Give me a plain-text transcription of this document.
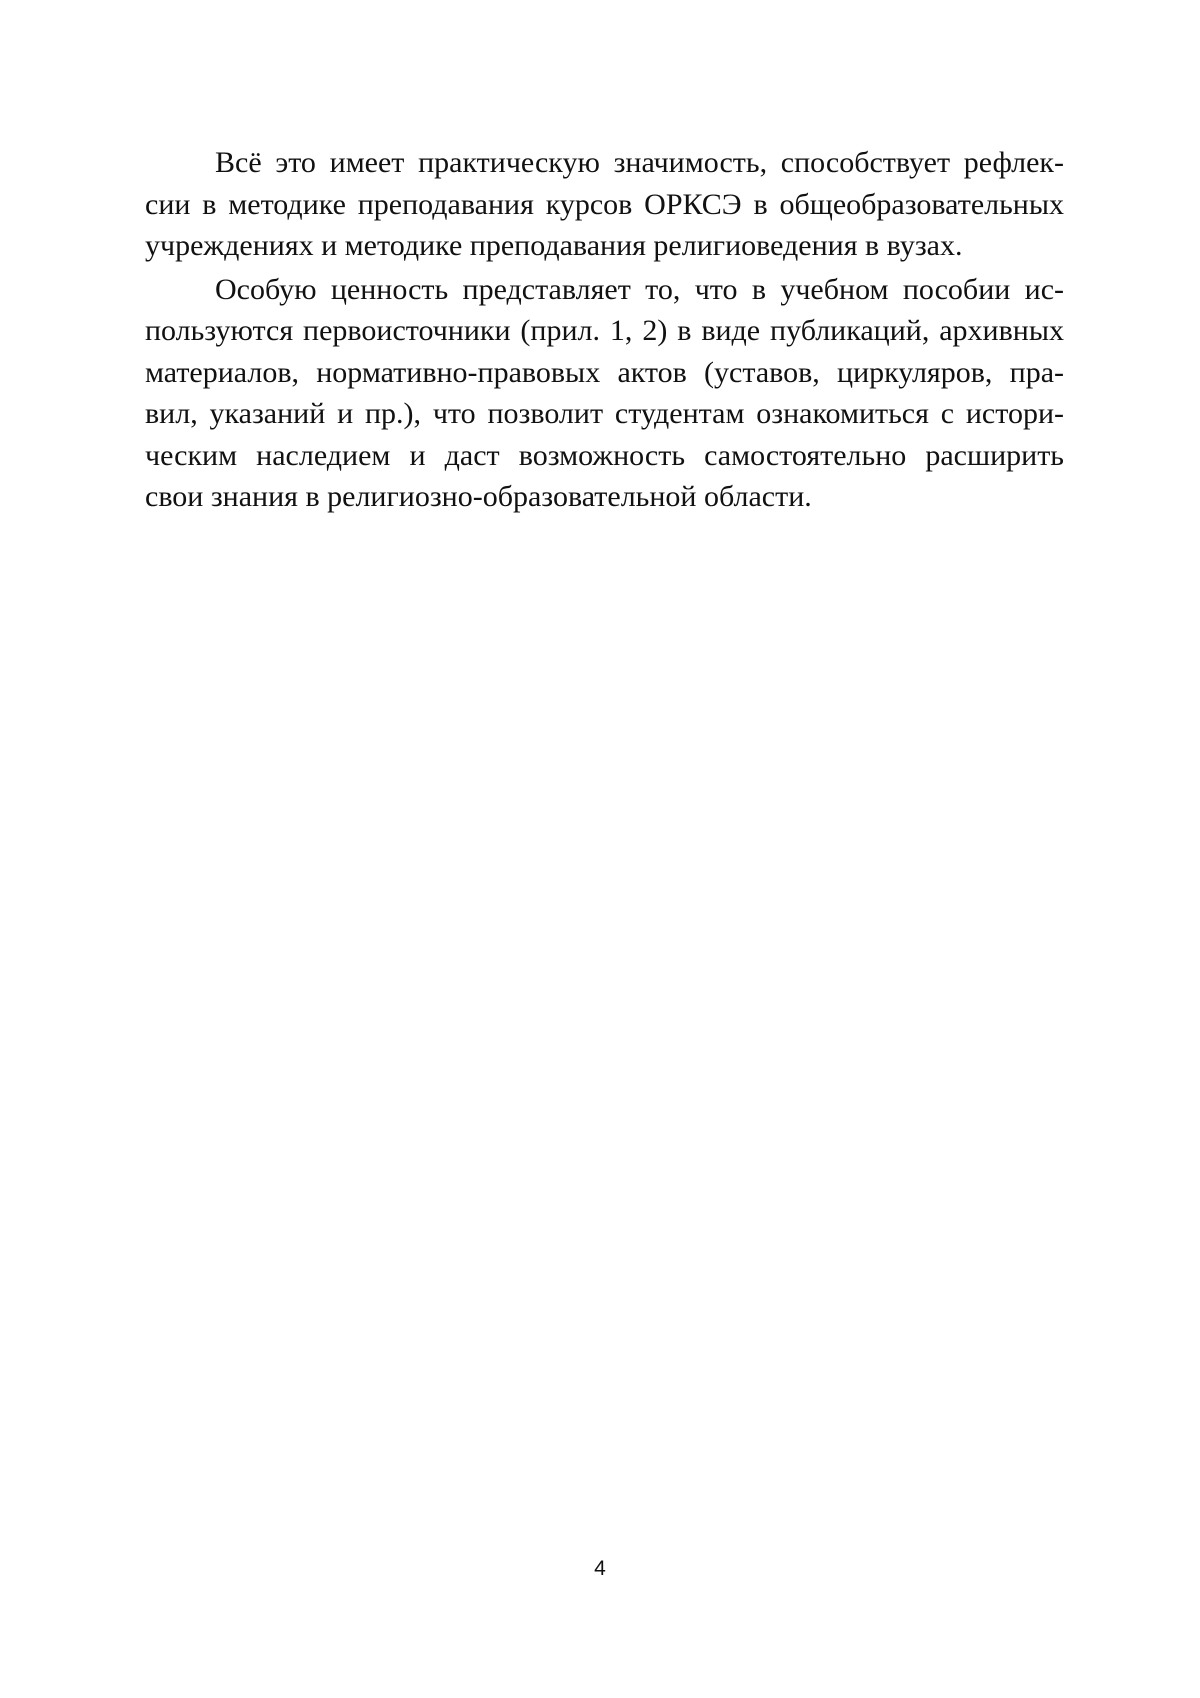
Всё это имеет практическую значимость, способствует рефлек-
сии в методике преподавания курсов ОРКСЭ в общеобразовательных
учреждениях и методике преподавания религиоведения в вузах.
Особую ценность представляет то, что в учебном пособии ис-
пользуются первоисточники (прил. 1, 2) в виде публикаций, архивных
материалов, нормативно-правовых актов (уставов, циркуляров, пра-
вил, указаний и пр.), что позволит студентам ознакомиться с истори-
ческим наследием и даст возможность самостоятельно расширить
свои знания в религиозно-образовательной области.
4
